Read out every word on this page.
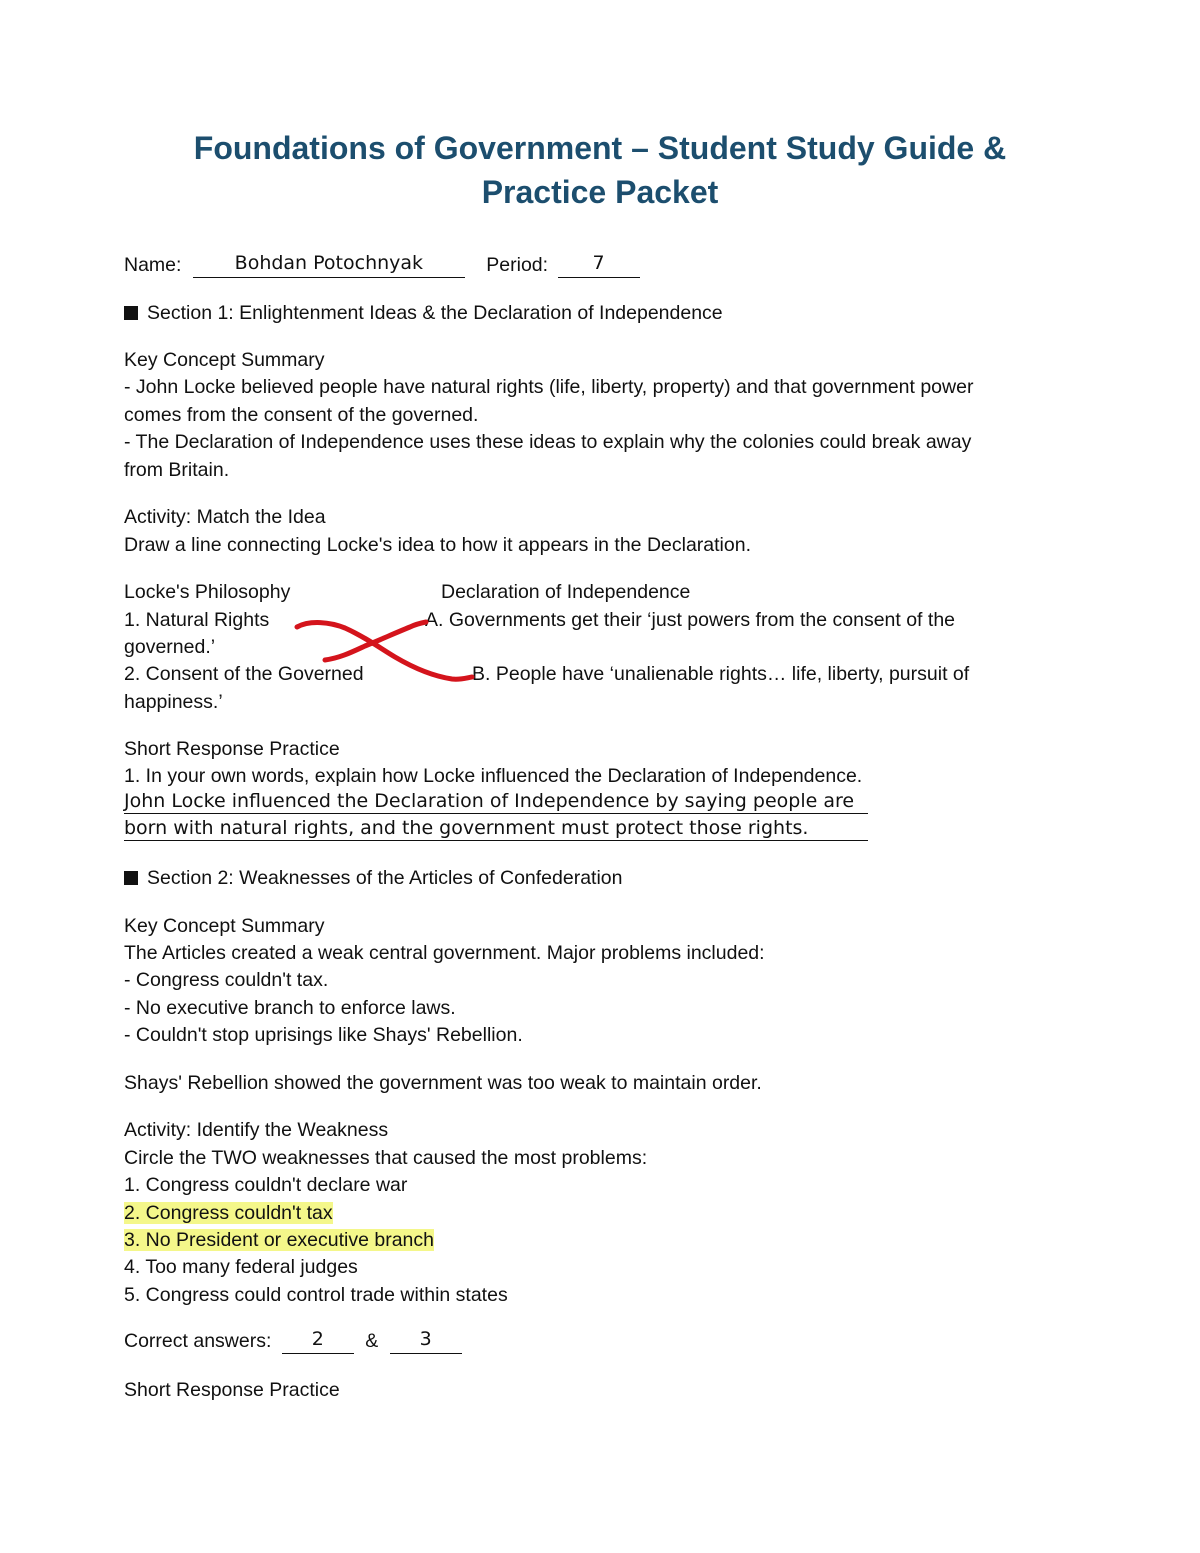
Foundations of Government – Student Study Guide &
Practice Packet
Name:	Bohdan Potochnyak	Period:	7
Section 1: Enlightenment Ideas & the Declaration of Independence
Key Concept Summary
- John Locke believed people have natural rights (life, liberty, property) and that government power
comes from the consent of the governed.
- The Declaration of Independence uses these ideas to explain why the colonies could break away
from Britain.
Activity: Match the Idea
Draw a line connecting Locke's idea to how it appears in the Declaration.
Locke's Philosophy	Declaration of Independence
1. Natural Rights	A. Governments get their ‘just powers from the consent of the
governed.’
2. Consent of the Governed	B. People have ‘unalienable rights… life, liberty, pursuit of
happiness.’
Short Response Practice
1. In your own words, explain how Locke influenced the Declaration of Independence.
John Locke influenced the Declaration of Independence by saying people are
born with natural rights, and the government must protect those rights.
Section 2: Weaknesses of the Articles of Confederation
Key Concept Summary
The Articles created a weak central government. Major problems included:
- Congress couldn't tax.
- No executive branch to enforce laws.
- Couldn't stop uprisings like Shays' Rebellion.
Shays' Rebellion showed the government was too weak to maintain order.
Activity: Identify the Weakness
Circle the TWO weaknesses that caused the most problems:
1. Congress couldn't declare war
2. Congress couldn't tax
3. No President or executive branch
4. Too many federal judges
5. Congress could control trade within states
Correct answers:	2	&	3
Short Response Practice
